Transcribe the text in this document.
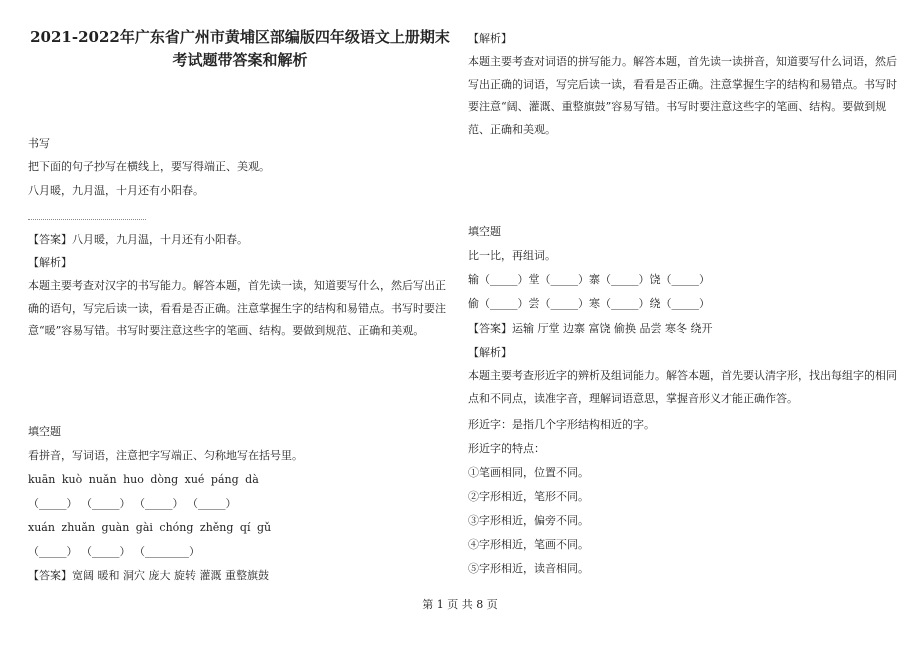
2021-2022年广东省广州市黄埔区部编版四年级语文上册期末考试题带答案和解析
书写
把下面的句子抄写在横线上，要写得端正、美观。
八月暖，九月温，十月还有小阳春。
【答案】八月暖，九月温，十月还有小阳春。
【解析】
本题主要考查对汉字的书写能力。解答本题，首先读一读，知道要写什么，然后写出正确的语句，写完后读一读，看看是否正确。注意掌握生字的结构和易错点。书写时要注意“暖”容易写错。书写时要注意这些字的笔画、结构。要做到规范、正确和美观。
填空题
看拼音，写词语，注意把字写端正、匀称地写在括号里。
kuān kuò nuǎn huo dòng xué páng dà
（_____） （_____） （_____） （_____）
xuán zhuǎn guàn gài chóng zhěng qí gǔ
（_____） （_____） （________）
【答案】宽阔 暖和 洞穴 庞大 旋转 灌溉 重整旗鼓
【解析】
本题主要考查对词语的拼写能力。解答本题，首先读一读拼音，知道要写什么词语，然后写出正确的词语，写完后读一读，看看是否正确。注意掌握生字的结构和易错点。书写时要注意“阔、灌溉、重整旗鼓”容易写错。书写时要注意这些字的笔画、结构。要做到规范、正确和美观。
填空题
比一比，再组词。
输（_____）堂（_____）寨（_____）饶（_____）
偷（_____）尝（_____）寒（_____）绕（_____）
【答案】运输 厅堂 边寨 富饶 偷换 品尝 寒冬 绕开
【解析】
本题主要考查形近字的辨析及组词能力。解答本题，首先要认清字形，找出每组字的相同点和不同点，读准字音，理解词语意思，掌握音形义才能正确作答。
形近字：是指几个字形结构相近的字。
形近字的特点：
①笔画相同，位置不同。
②字形相近，笔形不同。
③字形相近，偏旁不同。
④字形相近，笔画不同。
⑤字形相近，读音相同。
第 1 页 共 8 页
